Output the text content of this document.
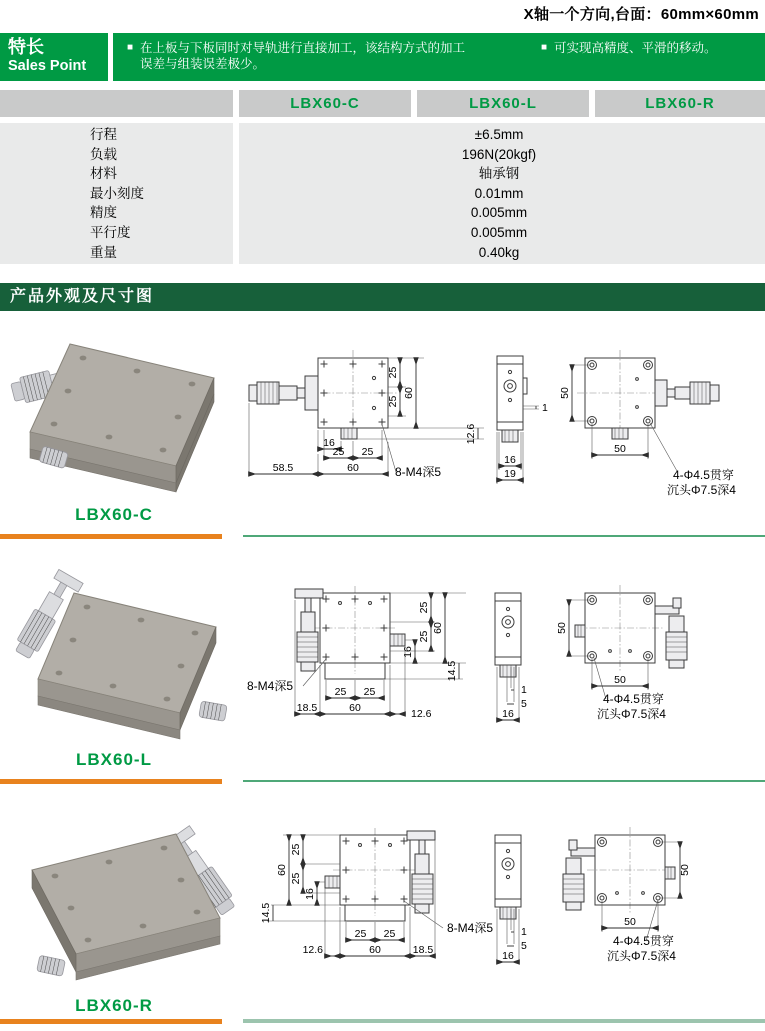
X轴一个方向,台面：60mm×60mm
特长
Sales Point
■ 在上板与下板同时对导轨进行直接加工，该结构方式的加工
误差与组装误差极少。
■ 可实现高精度、平滑的移动。
LBX60-C	LBX60-L	LBX60-R
行程	±6.5mm
负载	196N(20kgf)
材料	轴承钢
最小刻度	0.01mm
精度	0.005mm
平行度	0.005mm
重量	0.40kg
产品外观及尺寸图
LBX60-C
25
25
60
12.6
16
25 25
58.5	60	8-M4深5
1
16
19
50
50
4-Φ4.5贯穿
沉头Φ7.5深4
LBX60-L
16
25
25
60
14.5
18.5
25 25
60	12.6
8-M4深5	1
5
16
50
50
4-Φ4.5贯穿
沉头Φ7.5深4
LBX60-R
16
25
25
60
14.5
12.6
25 25
60	18.5
8-M4深5	1
5
16
50
50
4-Φ4.5贯穿
沉头Φ7.5深4
